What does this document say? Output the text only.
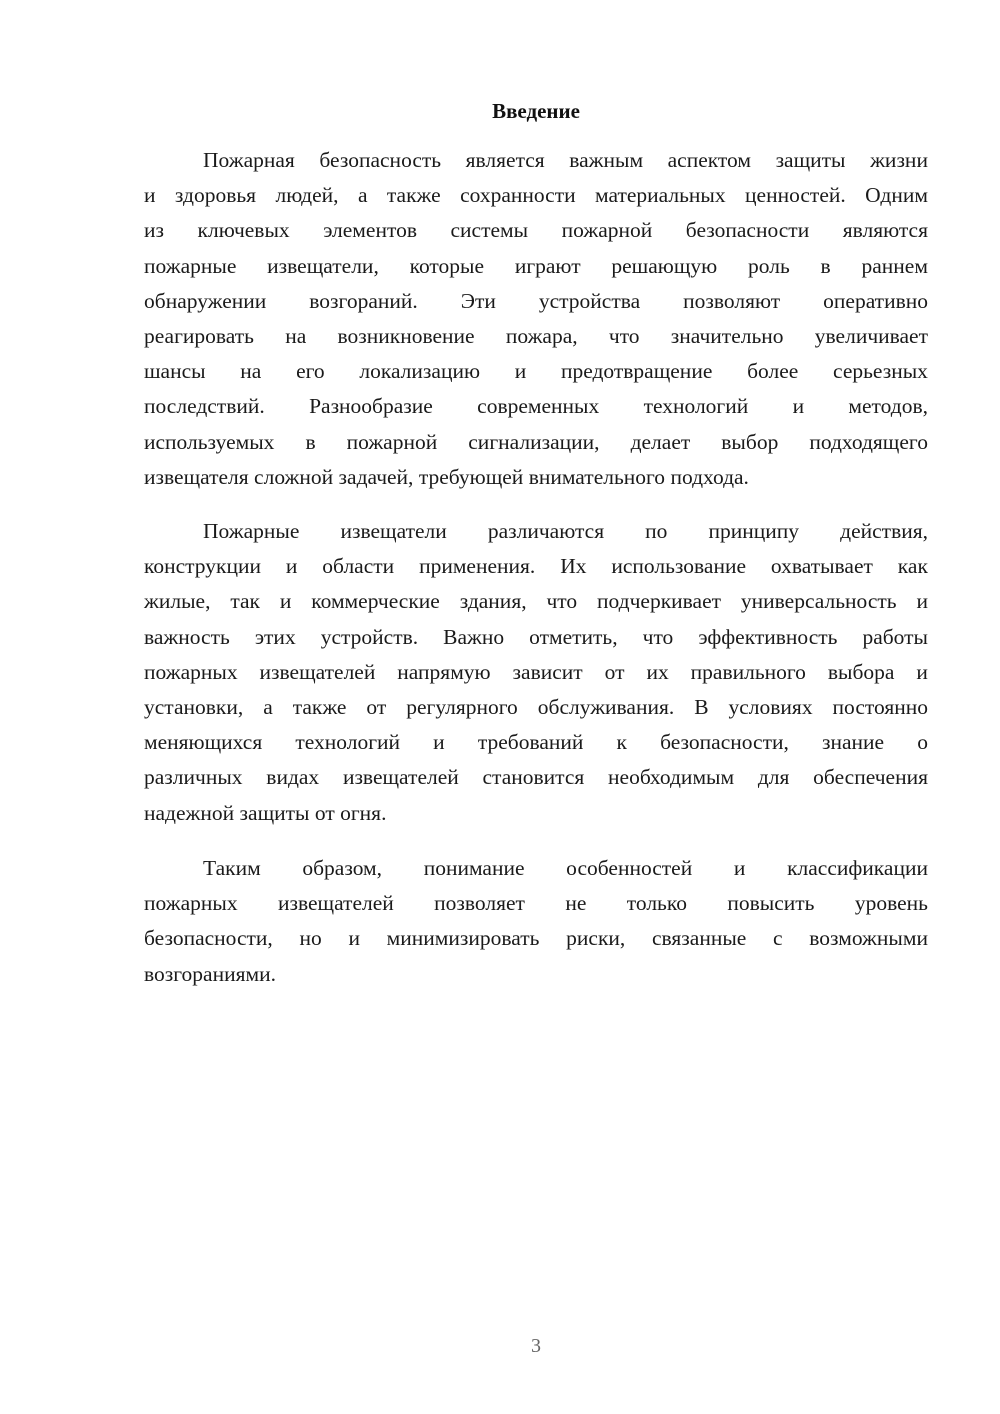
Введение
Пожарная безопасность является важным аспектом защиты жизни
и здоровья людей, а также сохранности материальных ценностей. Одним
из ключевых элементов системы пожарной безопасности являются
пожарные извещатели, которые играют решающую роль в раннем
обнаружении возгораний. Эти устройства позволяют оперативно
реагировать на возникновение пожара, что значительно увеличивает
шансы на его локализацию и предотвращение более серьезных
последствий. Разнообразие современных технологий и методов,
используемых в пожарной сигнализации, делает выбор подходящего
извещателя сложной задачей, требующей внимательного подхода.
Пожарные извещатели различаются по принципу действия,
конструкции и области применения. Их использование охватывает как
жилые, так и коммерческие здания, что подчеркивает универсальность и
важность этих устройств. Важно отметить, что эффективность работы
пожарных извещателей напрямую зависит от их правильного выбора и
установки, а также от регулярного обслуживания. В условиях постоянно
меняющихся технологий и требований к безопасности, знание о
различных видах извещателей становится необходимым для обеспечения
надежной защиты от огня.
Таким образом, понимание особенностей и классификации
пожарных извещателей позволяет не только повысить уровень
безопасности, но и минимизировать риски, связанные с возможными
возгораниями.
3
